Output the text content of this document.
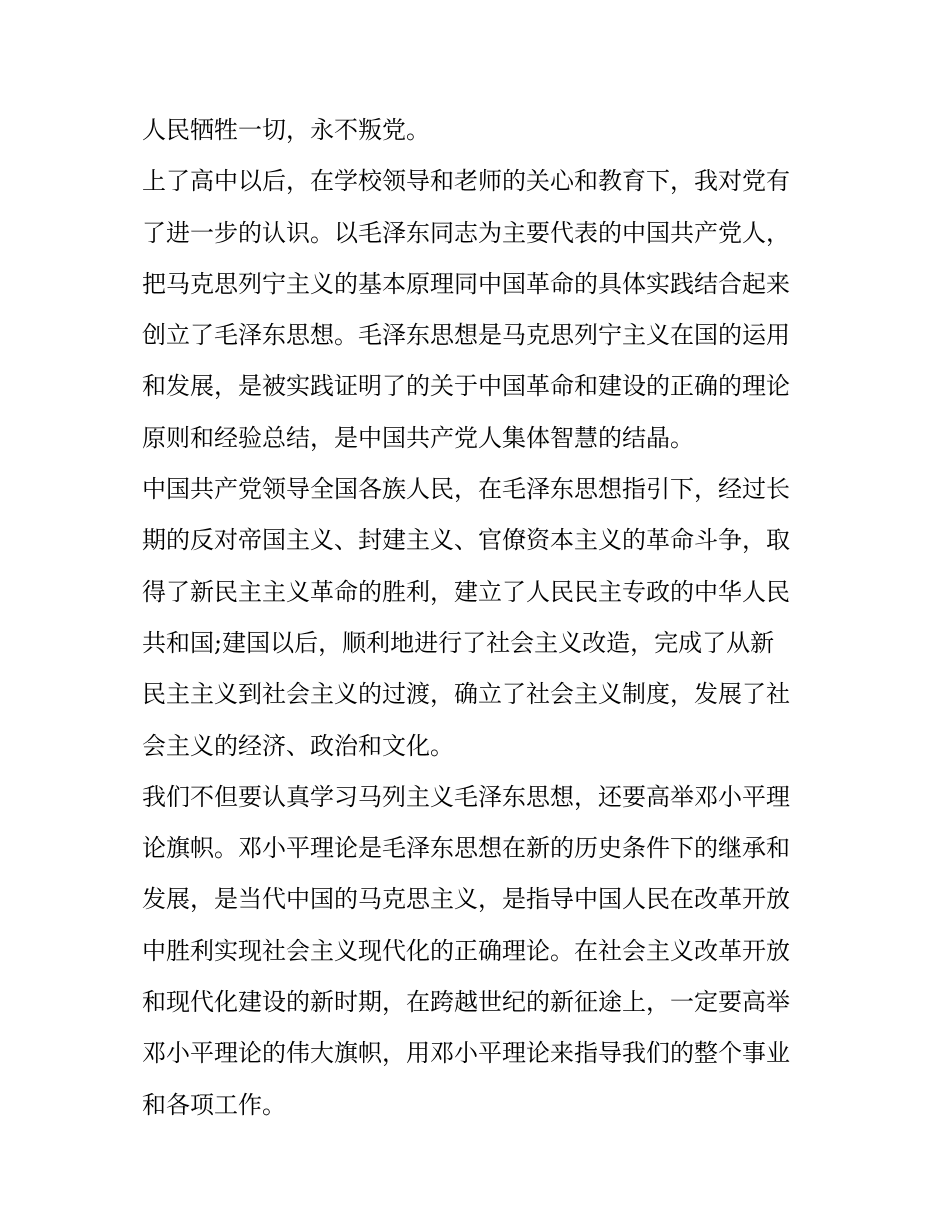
人民牺牲一切，永不叛党。
上了高中以后，在学校领导和老师的关心和教育下，我对党有
了进一步的认识。以毛泽东同志为主要代表的中国共产党人，
把马克思列宁主义的基本原理同中国革命的具体实践结合起来
创立了毛泽东思想。毛泽东思想是马克思列宁主义在国的运用
和发展，是被实践证明了的关于中国革命和建设的正确的理论
原则和经验总结，是中国共产党人集体智慧的结晶。
中国共产党领导全国各族人民，在毛泽东思想指引下，经过长
期的反对帝国主义、封建主义、官僚资本主义的革命斗争，取
得了新民主主义革命的胜利，建立了人民民主专政的中华人民
共和国;建国以后，顺利地进行了社会主义改造，完成了从新
民主主义到社会主义的过渡，确立了社会主义制度，发展了社
会主义的经济、政治和文化。
我们不但要认真学习马列主义毛泽东思想，还要高举邓小平理
论旗帜。邓小平理论是毛泽东思想在新的历史条件下的继承和
发展，是当代中国的马克思主义，是指导中国人民在改革开放
中胜利实现社会主义现代化的正确理论。在社会主义改革开放
和现代化建设的新时期，在跨越世纪的新征途上，一定要高举
邓小平理论的伟大旗帜，用邓小平理论来指导我们的整个事业
和各项工作。
